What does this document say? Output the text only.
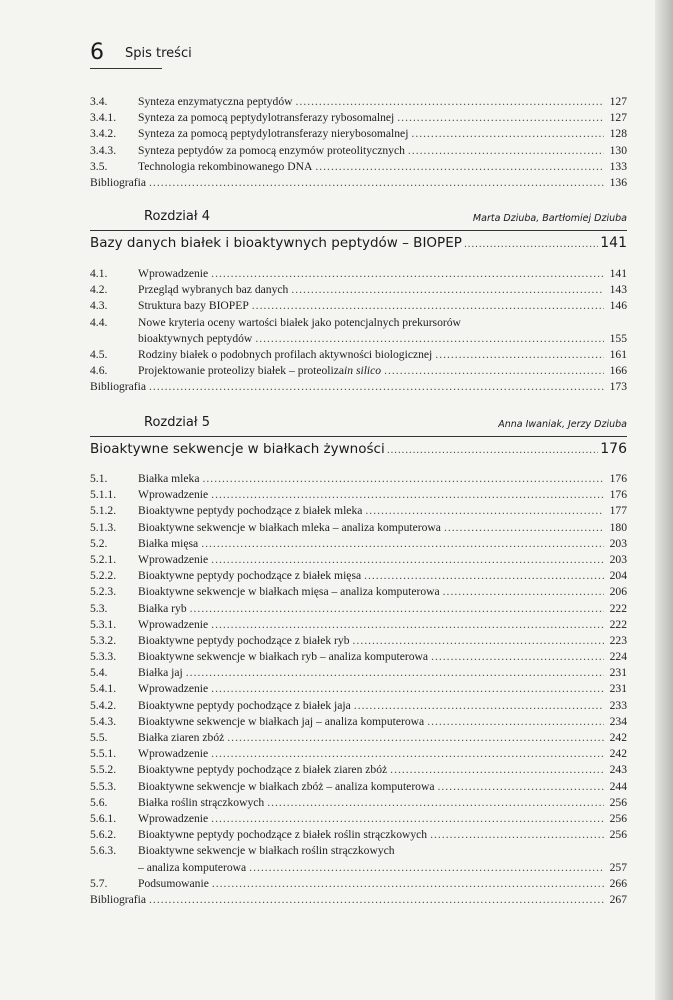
6 Spis treści
3.4.	Synteza enzymatyczna peptydów .....	127
3.4.1. Synteza za pomocą peptydylotransferazy rybosomalnej .....	127
3.4.2. Synteza za pomocą peptydylotransferazy nierybosomalnej .....	128
3.4.3. Synteza peptydów za pomocą enzymów proteolitycznych .....	130
3.5.	Technologia rekombinowanego DNA .....	133
Bibliografia .....	136
Rozdział 4	Marta Dziuba, Bartłomiej Dziuba
Bazy danych białek i bioaktywnych peptydów – BIOPEP .....	141
4.1.	Wprowadzenie .....	141
4.2.	Przegląd wybranych baz danych .....	143
4.3.	Struktura bazy BIOPEP .....	146
4.4.	Nowe kryteria oceny wartości białek jako potencjalnych prekursorów
bioaktywnych peptydów .....	155
4.5.	Rodziny białek o podobnych profilach aktywności biologicznej .....	161
4.6.	Projektowanie proteolizy białek – proteoliza in silico .....	166
Bibliografia .....	173
Rozdział 5	Anna Iwaniak, Jerzy Dziuba
Bioaktywne sekwencje w białkach żywności .....	176
5.1.	Białka mleka .....	176
5.1.1. Wprowadzenie .....	176
5.1.2. Bioaktywne peptydy pochodzące z białek mleka .....	177
5.1.3. Bioaktywne sekwencje w białkach mleka – analiza komputerowa .....	180
5.2.	Białka mięsa .....	203
5.2.1. Wprowadzenie .....	203
5.2.2. Bioaktywne peptydy pochodzące z białek mięsa .....	204
5.2.3. Bioaktywne sekwencje w białkach mięsa – analiza komputerowa .....	206
5.3.	Białka ryb .....	222
5.3.1. Wprowadzenie .....	222
5.3.2. Bioaktywne peptydy pochodzące z białek ryb .....	223
5.3.3. Bioaktywne sekwencje w białkach ryb – analiza komputerowa .....	224
5.4.	Białka jaj .....	231
5.4.1. Wprowadzenie .....	231
5.4.2. Bioaktywne peptydy pochodzące z białek jaja .....	233
5.4.3. Bioaktywne sekwencje w białkach jaj – analiza komputerowa .....	234
5.5.	Białka ziaren zbóż .....	242
5.5.1. Wprowadzenie .....	242
5.5.2. Bioaktywne peptydy pochodzące z białek ziaren zbóż .....	243
5.5.3. Bioaktywne sekwencje w białkach zbóż – analiza komputerowa .....	244
5.6.	Białka roślin strączkowych .....	256
5.6.1. Wprowadzenie .....	256
5.6.2. Bioaktywne peptydy pochodzące z białek roślin strączkowych .....	256
5.6.3. Bioaktywne sekwencje w białkach roślin strączkowych
– analiza komputerowa .....	257
5.7.	Podsumowanie .....	266
Bibliografia .....	267
